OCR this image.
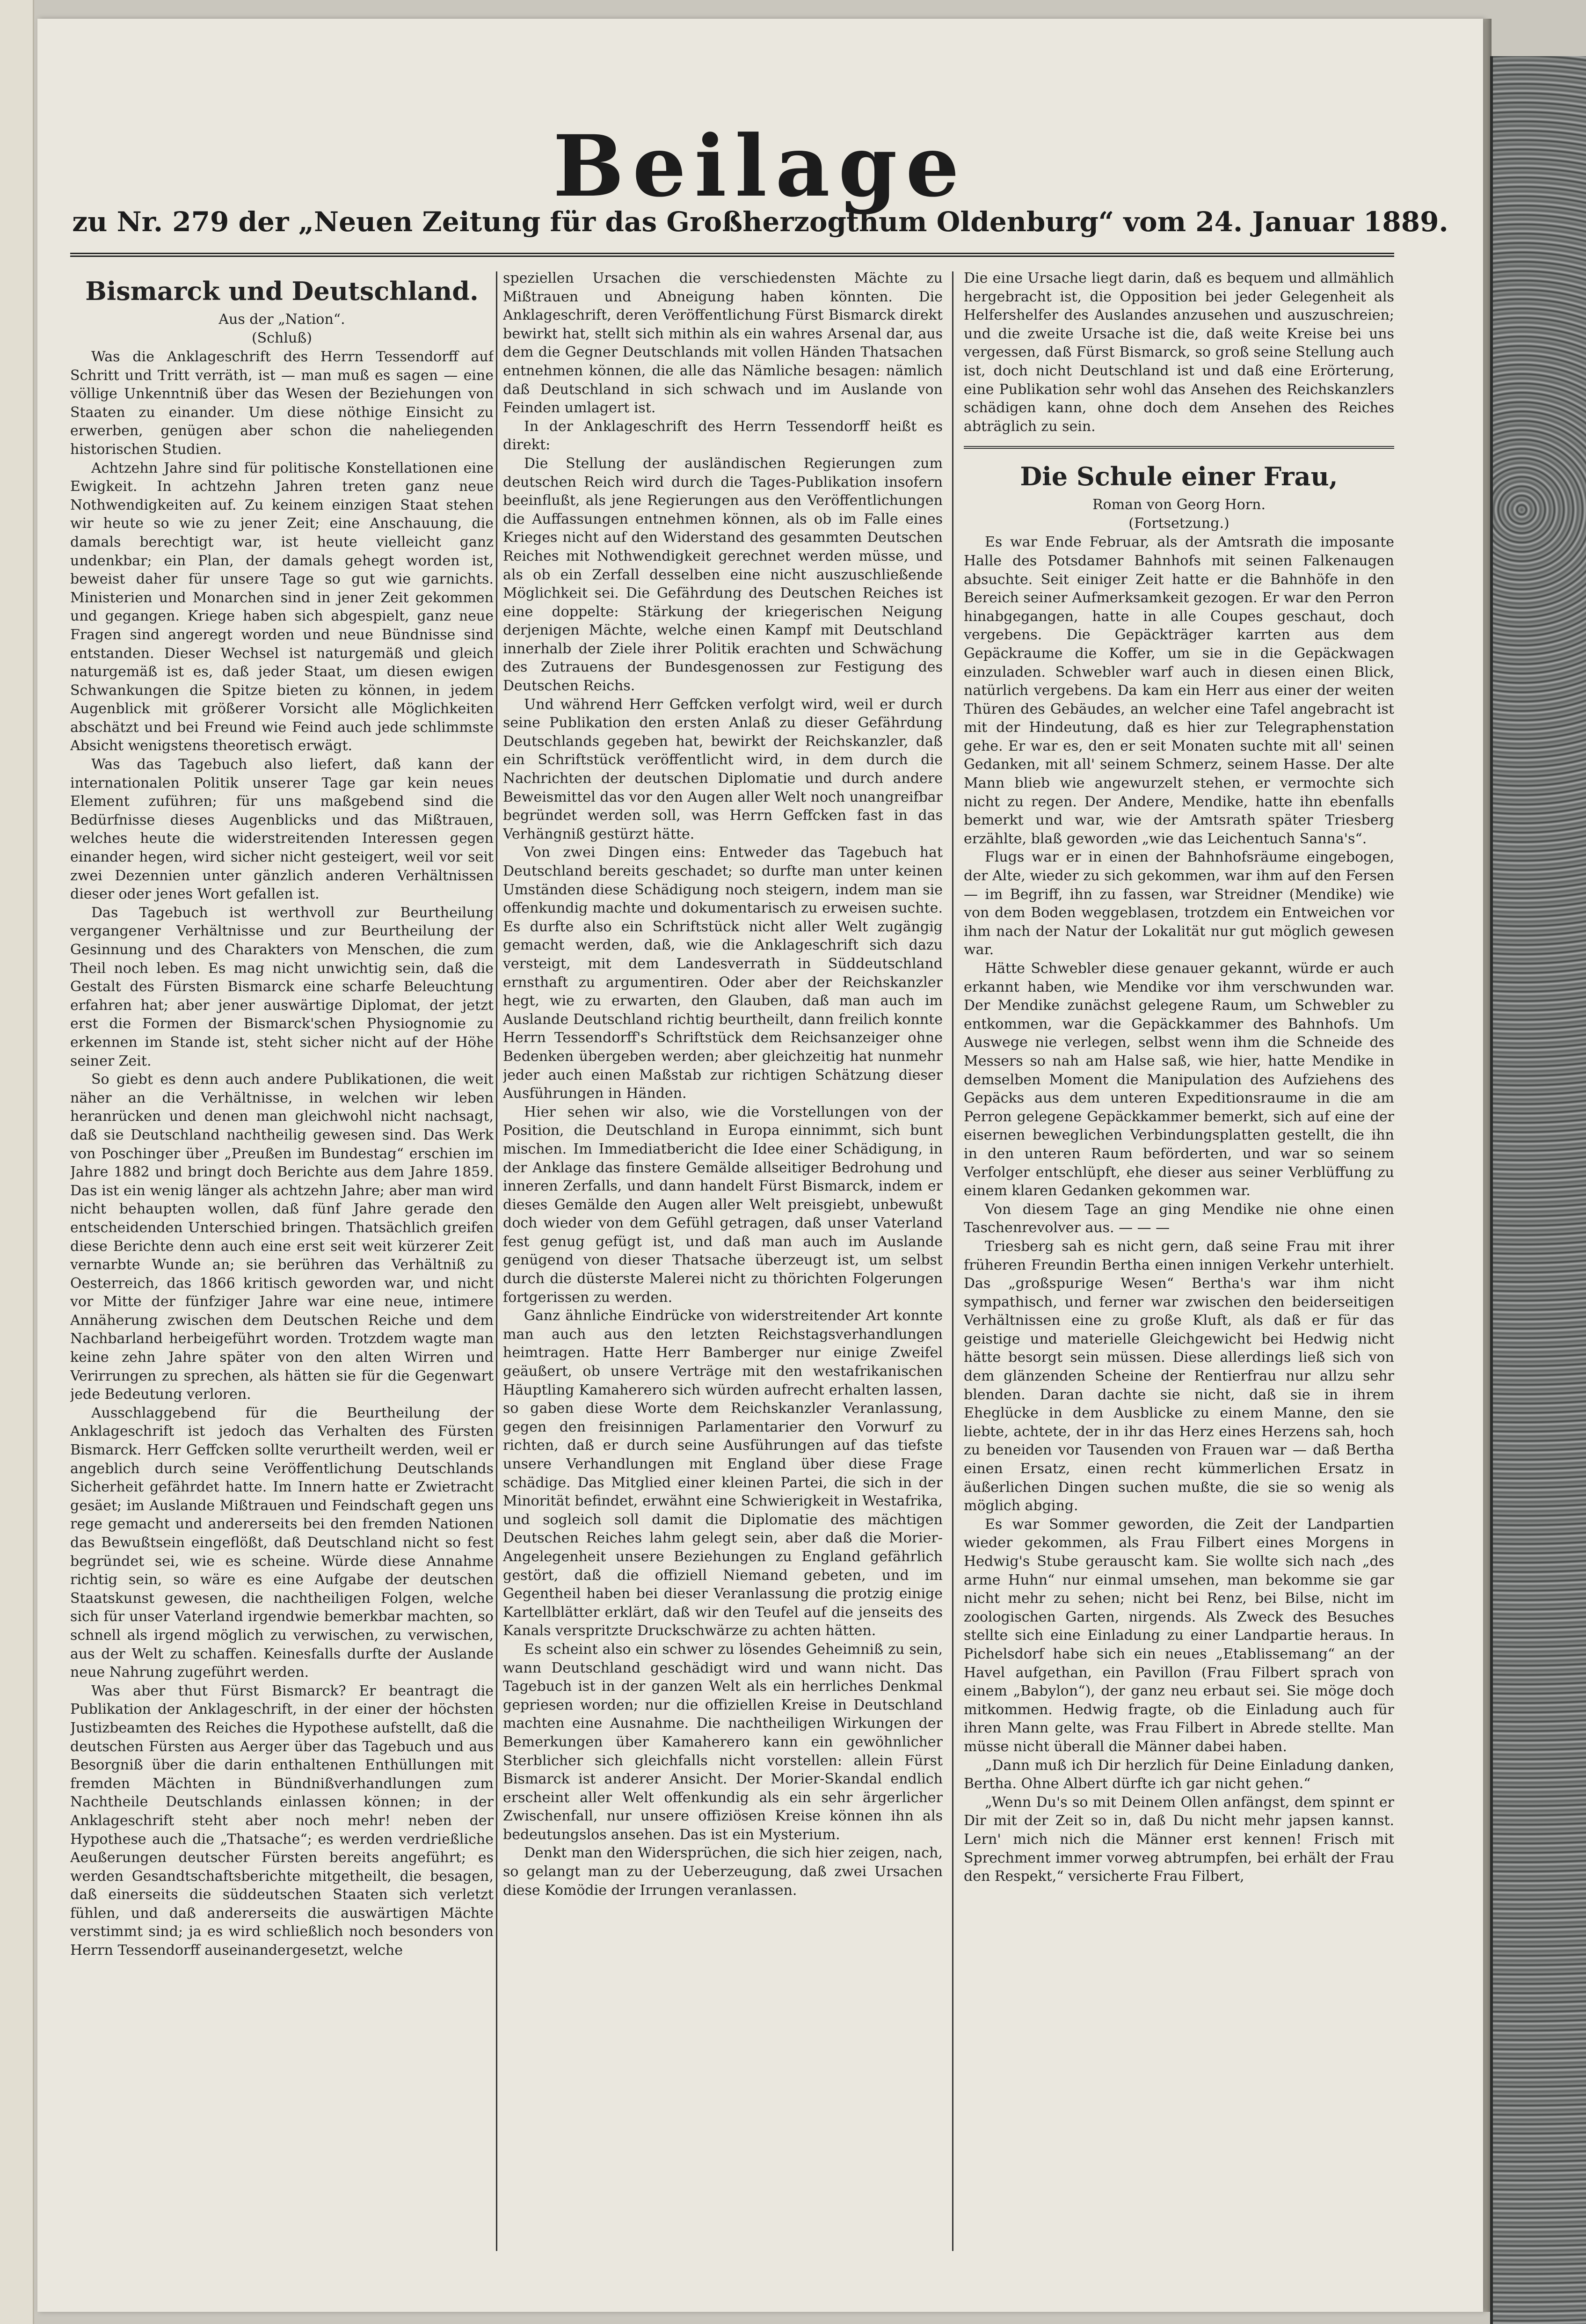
Beilage
zu Nr. 279 der „Neuen Zeitung für das Großherzogthum Oldenburg“ vom 24. Januar 1889.
Bismarck und Deutschland.
Aus der „Nation“.
(Schluß)

Was die Anklageschrift des Herrn Tessendorff auf Schritt und Tritt verräth, ist — man muß es sagen — eine völlige Unkenntniß über das Wesen der Beziehungen von Staaten zu einander. Um diese nöthige Einsicht zu erwerben, genügen aber schon die naheliegenden historischen Studien.

Achtzehn Jahre sind für politische Konstellationen eine Ewigkeit. In achtzehn Jahren treten ganz neue Nothwendigkeiten auf. Zu keinem einzigen Staat stehen wir heute so wie zu jener Zeit; eine Anschauung, die damals berechtigt war, ist heute vielleicht ganz undenkbar; ein Plan, der damals gehegt worden ist, beweist daher für unsere Tage so gut wie garnichts. Ministerien und Monarchen sind in jener Zeit gekommen und gegangen. Kriege haben sich abgespielt, ganz neue Fragen sind angeregt worden und neue Bündnisse sind entstanden. Dieser Wechsel ist naturgemäß und gleich naturgemäß ist es, daß jeder Staat, um diesen ewigen Schwankungen die Spitze bieten zu können, in jedem Augenblick mit größerer Vorsicht alle Möglichkeiten abschätzt und bei Freund wie Feind auch jede schlimmste Absicht wenigstens theoretisch erwägt.

Was das Tagebuch also liefert, daß kann der internationalen Politik unserer Tage gar kein neues Element zuführen; für uns maßgebend sind die Bedürfnisse dieses Augenblicks und das Mißtrauen, welches heute die widerstreitenden Interessen gegen einander hegen, wird sicher nicht gesteigert, weil vor seit zwei Dezennien unter gänzlich anderen Verhältnissen dieser oder jenes Wort gefallen ist.

Das Tagebuch ist werthvoll zur Beurtheilung vergangener Verhältnisse und zur Beurtheilung der Gesinnung und des Charakters von Menschen, die zum Theil noch leben. Es mag nicht unwichtig sein, daß die Gestalt des Fürsten Bismarck eine scharfe Beleuchtung erfahren hat; aber jener auswärtige Diplomat, der jetzt erst die Formen der Bismarck'schen Physiognomie zu erkennen im Stande ist, steht sicher nicht auf der Höhe seiner Zeit.

So giebt es denn auch andere Publikationen, die weit näher an die Verhältnisse, in welchen wir leben heranrücken und denen man gleichwohl nicht nachsagt, daß sie Deutschland nachtheilig gewesen sind. Das Werk von Poschinger über „Preußen im Bundestag“ erschien im Jahre 1882 und bringt doch Berichte aus dem Jahre 1859. Das ist ein wenig länger als achtzehn Jahre; aber man wird nicht behaupten wollen, daß fünf Jahre gerade den entscheidenden Unterschied bringen. Thatsächlich greifen diese Berichte denn auch eine erst seit weit kürzerer Zeit vernarbte Wunde an; sie berühren das Verhältniß zu Oesterreich, das 1866 kritisch geworden war, und nicht vor Mitte der fünfziger Jahre war eine neue, intimere Annäherung zwischen dem Deutschen Reiche und dem Nachbarland herbeigeführt worden. Trotzdem wagte man keine zehn Jahre später von den alten Wirren und Verirrungen zu sprechen, als hätten sie für die Gegenwart jede Bedeutung verloren.

Ausschlaggebend für die Beurtheilung der Anklageschrift ist jedoch das Verhalten des Fürsten Bismarck. Herr Geffcken sollte verurtheilt werden, weil er angeblich durch seine Veröffentlichung Deutschlands Sicherheit gefährdet hatte. Im Innern hatte er Zwietracht gesäet; im Auslande Mißtrauen und Feindschaft gegen uns rege gemacht und andererseits bei den fremden Nationen das Bewußtsein eingeflößt, daß Deutschland nicht so fest begründet sei, wie es scheine. Würde diese Annahme richtig sein, so wäre es eine Aufgabe der deutschen Staatskunst gewesen, die nachtheiligen Folgen, welche sich für unser Vaterland irgendwie bemerkbar machten, so schnell als irgend möglich zu verwischen, zu verwischen, aus der Welt zu schaffen. Keinesfalls durfte der Auslande neue Nahrung zugeführt werden.

Was aber thut Fürst Bismarck? Er beantragt die Publikation der Anklageschrift, in der einer der höchsten Justizbeamten des Reiches die Hypothese aufstellt, daß die deutschen Fürsten aus Aerger über das Tagebuch und aus Besorgniß über die darin enthaltenen Enthüllungen mit fremden Mächten in Bündnißverhandlungen zum Nachtheile Deutschlands einlassen können; in der Anklageschrift steht aber noch mehr! neben der Hypothese auch die „Thatsache“; es werden verdrießliche Aeußerungen deutscher Fürsten bereits angeführt; es werden Gesandtschaftsberichte mitgetheilt, die besagen, daß einerseits die süddeutschen Staaten sich verletzt fühlen, und daß andererseits die auswärtigen Mächte verstimmt sind; ja es wird schließlich noch besonders von Herrn Tessendorff auseinandergesetzt, welche

speziellen Ursachen die verschiedensten Mächte zu Mißtrauen und Abneigung haben könnten. Die Anklageschrift, deren Veröffentlichung Fürst Bismarck direkt bewirkt hat, stellt sich mithin als ein wahres Arsenal dar, aus dem die Gegner Deutschlands mit vollen Händen Thatsachen entnehmen können, die alle das Nämliche besagen: nämlich daß Deutschland in sich schwach und im Auslande von Feinden umlagert ist.

In der Anklageschrift des Herrn Tessendorff heißt es direkt:

Die Stellung der ausländischen Regierungen zum deutschen Reich wird durch die Tages-Publikation insofern beeinflußt, als jene Regierungen aus den Veröffentlichungen die Auffassungen entnehmen können, als ob im Falle eines Krieges nicht auf den Widerstand des gesammten Deutschen Reiches mit Nothwendigkeit gerechnet werden müsse, und als ob ein Zerfall desselben eine nicht auszuschließende Möglichkeit sei. Die Gefährdung des Deutschen Reiches ist eine doppelte: Stärkung der kriegerischen Neigung derjenigen Mächte, welche einen Kampf mit Deutschland innerhalb der Ziele ihrer Politik erachten und Schwächung des Zutrauens der Bundesgenossen zur Festigung des Deutschen Reichs.

Und während Herr Geffcken verfolgt wird, weil er durch seine Publikation den ersten Anlaß zu dieser Gefährdung Deutschlands gegeben hat, bewirkt der Reichskanzler, daß ein Schriftstück veröffentlicht wird, in dem durch die Nachrichten der deutschen Diplomatie und durch andere Beweismittel das vor den Augen aller Welt noch unangreifbar begründet werden soll, was Herrn Geffcken fast in das Verhängniß gestürzt hätte.

Von zwei Dingen eins: Entweder das Tagebuch hat Deutschland bereits geschadet; so durfte man unter keinen Umständen diese Schädigung noch steigern, indem man sie offenkundig machte und dokumentarisch zu erweisen suchte. Es durfte also ein Schriftstück nicht aller Welt zugängig gemacht werden, daß, wie die Anklageschrift sich dazu versteigt, mit dem Landesverrath in Süddeutschland ernsthaft zu argumentiren. Oder aber der Reichskanzler hegt, wie zu erwarten, den Glauben, daß man auch im Auslande Deutschland richtig beurtheilt, dann freilich konnte Herrn Tessendorff's Schriftstück dem Reichsanzeiger ohne Bedenken übergeben werden; aber gleichzeitig hat nunmehr jeder auch einen Maßstab zur richtigen Schätzung dieser Ausführungen in Händen.

Hier sehen wir also, wie die Vorstellungen von der Position, die Deutschland in Europa einnimmt, sich bunt mischen. Im Immediatbericht die Idee einer Schädigung, in der Anklage das finstere Gemälde allseitiger Bedrohung und inneren Zerfalls, und dann handelt Fürst Bismarck, indem er dieses Gemälde den Augen aller Welt preisgiebt, unbewußt doch wieder von dem Gefühl getragen, daß unser Vaterland fest genug gefügt ist, und daß man auch im Auslande genügend von dieser Thatsache überzeugt ist, um selbst durch die düsterste Malerei nicht zu thörichten Folgerungen fortgerissen zu werden.

Ganz ähnliche Eindrücke von widerstreitender Art konnte man auch aus den letzten Reichstagsverhandlungen heimtragen. Hatte Herr Bamberger nur einige Zweifel geäußert, ob unsere Verträge mit den westafrikanischen Häuptling Kamaherero sich würden aufrecht erhalten lassen, so gaben diese Worte dem Reichskanzler Veranlassung, gegen den freisinnigen Parlamentarier den Vorwurf zu richten, daß er durch seine Ausführungen auf das tiefste unsere Verhandlungen mit England über diese Frage schädige. Das Mitglied einer kleinen Partei, die sich in der Minorität befindet, erwähnt eine Schwierigkeit in Westafrika, und sogleich soll damit die Diplomatie des mächtigen Deutschen Reiches lahm gelegt sein, aber daß die Morier-Angelegenheit unsere Beziehungen zu England gefährlich gestört, daß die offiziell Niemand gebeten, und im Gegentheil haben bei dieser Veranlassung die protzig einige Kartellblätter erklärt, daß wir den Teufel auf die jenseits des Kanals verspritzte Druckschwärze zu achten hätten.

Es scheint also ein schwer zu lösendes Geheimniß zu sein, wann Deutschland geschädigt wird und wann nicht. Das Tagebuch ist in der ganzen Welt als ein herrliches Denkmal gepriesen worden; nur die offiziellen Kreise in Deutschland machten eine Ausnahme. Die nachtheiligen Wirkungen der Bemerkungen über Kamaherero kann ein gewöhnlicher Sterblicher sich gleichfalls nicht vorstellen: allein Fürst Bismarck ist anderer Ansicht. Der Morier-Skandal endlich erscheint aller Welt offenkundig als ein sehr ärgerlicher Zwischenfall, nur unsere offiziösen Kreise können ihn als bedeutungslos ansehen. Das ist ein Mysterium.

Denkt man den Widersprüchen, die sich hier zeigen, nach, so gelangt man zu der Ueberzeugung, daß zwei Ursachen diese Komödie der Irrungen veranlassen.

Die eine Ursache liegt darin, daß es bequem und allmählich hergebracht ist, die Opposition bei jeder Gelegenheit als Helfershelfer des Auslandes anzusehen und auszuschreien; und die zweite Ursache ist die, daß weite Kreise bei uns vergessen, daß Fürst Bismarck, so groß seine Stellung auch ist, doch nicht Deutschland ist und daß eine Erörterung, eine Publikation sehr wohl das Ansehen des Reichskanzlers schädigen kann, ohne doch dem Ansehen des Reiches abträglich zu sein.

Die Schule einer Frau,
Roman von Georg Horn.
(Fortsetzung.)

Es war Ende Februar, als der Amtsrath die imposante Halle des Potsdamer Bahnhofs mit seinen Falkenaugen absuchte. Seit einiger Zeit hatte er die Bahnhöfe in den Bereich seiner Aufmerksamkeit gezogen. Er war den Perron hinabgegangen, hatte in alle Coupes geschaut, doch vergebens. Die Gepäckträger karrten aus dem Gepäckraume die Koffer, um sie in die Gepäckwagen einzuladen. Schwebler warf auch in diesen einen Blick, natürlich vergebens. Da kam ein Herr aus einer der weiten Thüren des Gebäudes, an welcher eine Tafel angebracht ist mit der Hindeutung, daß es hier zur Telegraphenstation gehe. Er war es, den er seit Monaten suchte mit all' seinen Gedanken, mit all' seinem Schmerz, seinem Hasse. Der alte Mann blieb wie angewurzelt stehen, er vermochte sich nicht zu regen. Der Andere, Mendike, hatte ihn ebenfalls bemerkt und war, wie der Amtsrath später Triesberg erzählte, blaß geworden „wie das Leichentuch Sanna's“.

Flugs war er in einen der Bahnhofsräume eingebogen, der Alte, wieder zu sich gekommen, war ihm auf den Fersen — im Begriff, ihn zu fassen, war Streidner (Mendike) wie von dem Boden weggeblasen, trotzdem ein Entweichen vor ihm nach der Natur der Lokalität nur gut möglich gewesen war.

Hätte Schwebler diese genauer gekannt, würde er auch erkannt haben, wie Mendike vor ihm verschwunden war. Der Mendike zunächst gelegene Raum, um Schwebler zu entkommen, war die Gepäckkammer des Bahnhofs. Um Auswege nie verlegen, selbst wenn ihm die Schneide des Messers so nah am Halse saß, wie hier, hatte Mendike in demselben Moment die Manipulation des Aufziehens des Gepäcks aus dem unteren Expeditionsraume in die am Perron gelegene Gepäckkammer bemerkt, sich auf eine der eisernen beweglichen Verbindungsplatten gestellt, die ihn in den unteren Raum beförderten, und war so seinem Verfolger entschlüpft, ehe dieser aus seiner Verblüffung zu einem klaren Gedanken gekommen war.

Von diesem Tage an ging Mendike nie ohne einen Taschenrevolver aus. — — —

Triesberg sah es nicht gern, daß seine Frau mit ihrer früheren Freundin Bertha einen innigen Verkehr unterhielt. Das „großspurige Wesen“ Bertha's war ihm nicht sympathisch, und ferner war zwischen den beiderseitigen Verhältnissen eine zu große Kluft, als daß er für das geistige und materielle Gleichgewicht bei Hedwig nicht hätte besorgt sein müssen. Diese allerdings ließ sich von dem glänzenden Scheine der Rentierfrau nur allzu sehr blenden. Daran dachte sie nicht, daß sie in ihrem Eheglücke in dem Ausblicke zu einem Manne, den sie liebte, achtete, der in ihr das Herz eines Herzens sah, hoch zu beneiden vor Tausenden von Frauen war — daß Bertha einen Ersatz, einen recht kümmerlichen Ersatz in äußerlichen Dingen suchen mußte, die sie so wenig als möglich abging.

Es war Sommer geworden, die Zeit der Landpartien wieder gekommen, als Frau Filbert eines Morgens in Hedwig's Stube gerauscht kam. Sie wollte sich nach „des arme Huhn“ nur einmal umsehen, man bekomme sie gar nicht mehr zu sehen; nicht bei Renz, bei Bilse, nicht im zoologischen Garten, nirgends. Als Zweck des Besuches stellte sich eine Einladung zu einer Landpartie heraus. In Pichelsdorf habe sich ein neues „Etablissemang“ an der Havel aufgethan, ein Pavillon (Frau Filbert sprach von einem „Babylon“), der ganz neu erbaut sei. Sie möge doch mitkommen. Hedwig fragte, ob die Einladung auch für ihren Mann gelte, was Frau Filbert in Abrede stellte. Man müsse nicht überall die Männer dabei haben.

„Dann muß ich Dir herzlich für Deine Einladung danken, Bertha. Ohne Albert dürfte ich gar nicht gehen.“

„Wenn Du's so mit Deinem Ollen anfängst, dem spinnt er Dir mit der Zeit so in, daß Du nicht mehr japsen kannst. Lern' mich nich die Männer erst kennen! Frisch mit Sprechment immer vorweg abtrumpfen, bei erhält der Frau den Respekt,“ versicherte Frau Filbert,
